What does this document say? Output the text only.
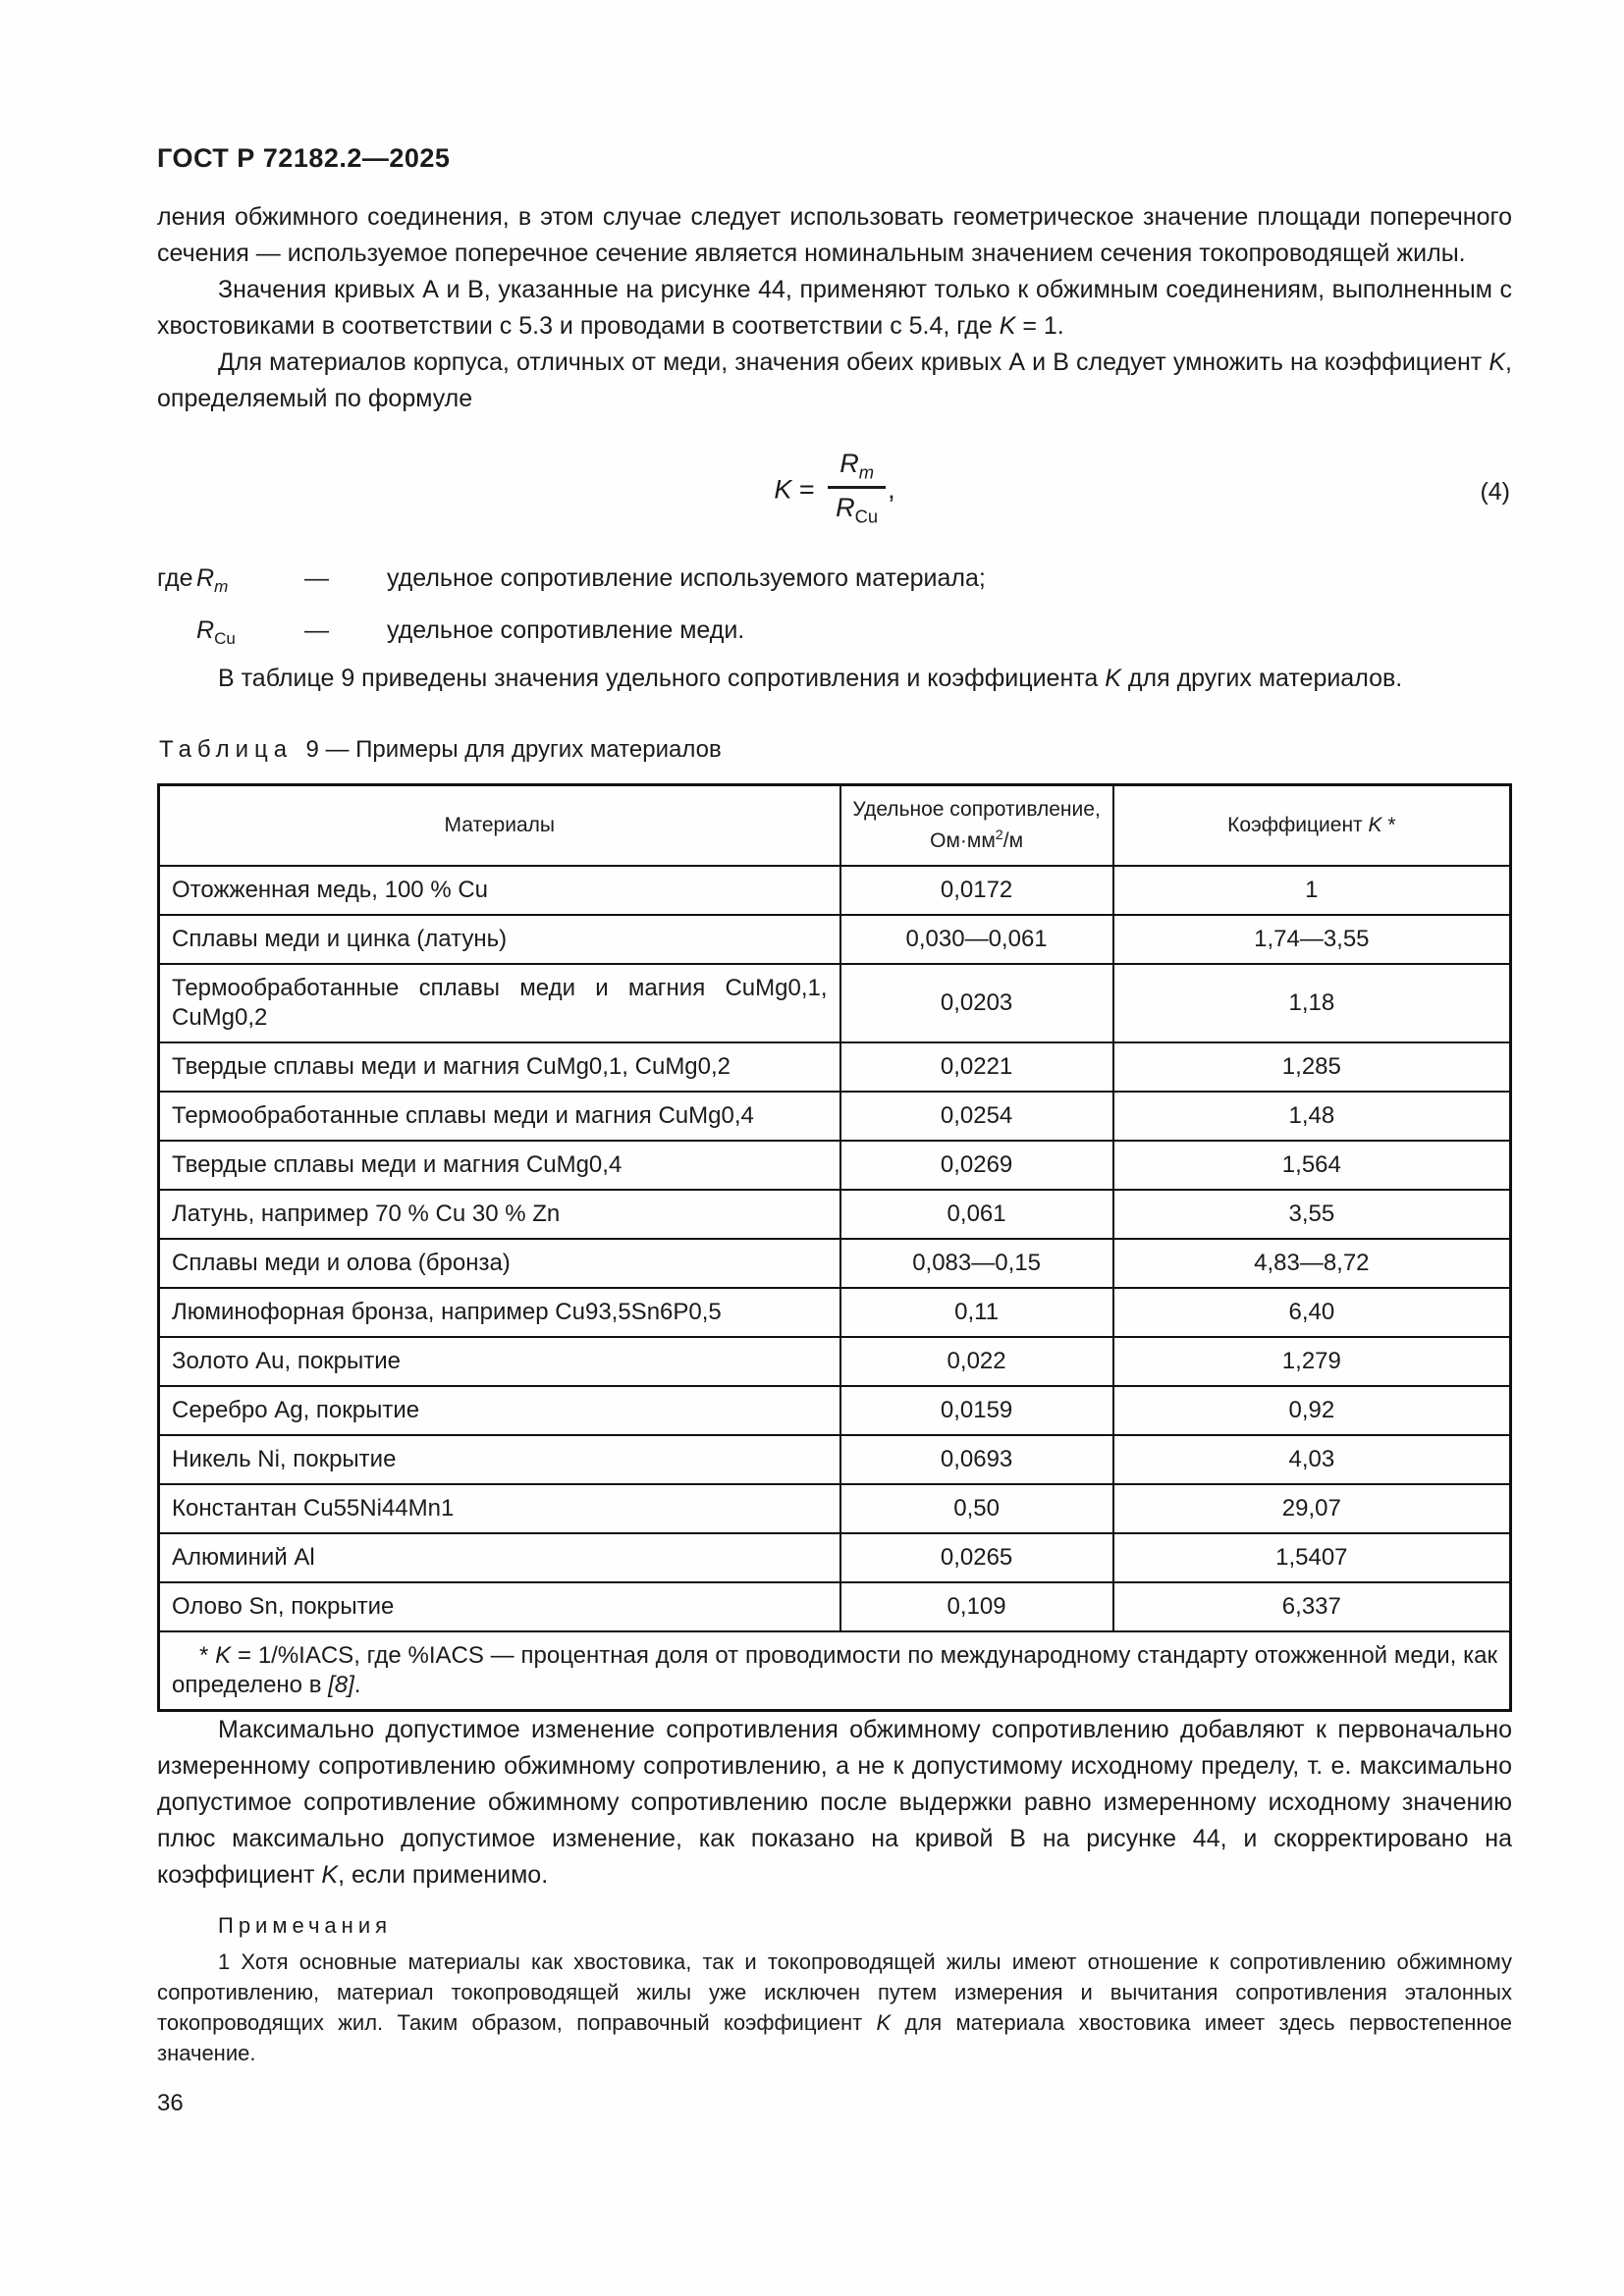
ГОСТ Р 72182.2—2025

ления обжимного соединения, в этом случае следует использовать геометрическое значение площади поперечного сечения — используемое поперечное сечение является номинальным значением сечения токопроводящей жилы.

Значения кривых А и В, указанные на рисунке 44, применяют только к обжимным соединениям, выполненным с хвостовиками в соответствии с 5.3 и проводами в соответствии с 5.4, где K = 1.

Для материалов корпуса, отличных от меди, значения обеих кривых А и В следует умножить на коэффициент K, определяемый по формуле

$K = \frac{R_m}{R_{Cu}}$ ,	(4)
где $R_m$	—	удельное сопротивление используемого материала;
$R_{Cu}$	—	удельное сопротивление меди.

В таблице 9 приведены значения удельного сопротивления и коэффициента K для других материалов.

Таблица 9 — Примеры для других материалов
Материалы	Удельное сопротивление, $Ом\cdot мм^2/м$	Коэффициент K *
Отожженная медь, 100 % Cu	0,0172	1
Сплавы меди и цинка (латунь)	0,030—0,061	1,74—3,55
Термообработанные сплавы меди и магния CuMg0,1, CuMg0,2	0,0203	1,18
Твердые сплавы меди и магния CuMg0,1, CuMg0,2	0,0221	1,285
Термообработанные сплавы меди и магния CuMg0,4	0,0254	1,48
Твердые сплавы меди и магния CuMg0,4	0,0269	1,564
Латунь, например 70 % Cu 30 % Zn	0,061	3,55
Сплавы меди и олова (бронза)	0,083—0,15	4,83—8,72
Люминофорная бронза, например Cu93,5Sn6P0,5	0,11	6,40
Золото Au, покрытие	0,022	1,279
Серебро Ag, покрытие	0,0159	0,92
Никель Ni, покрытие	0,0693	4,03
Константан Cu55Ni44Mn1	0,50	29,07
Алюминий Al	0,0265	1,5407
Олово Sn, покрытие	0,109	6,337

* K = 1/%IACS, где %IACS — процентная доля от проводимости по международному стандарту отожженной меди, как определено в [8].		

Максимально допустимое изменение сопротивления обжимному сопротивлению добавляют к первоначально измеренному сопротивлению обжимному сопротивлению, а не к допустимому исходному пределу, т. е. максимально допустимое сопротивление обжимному сопротивлению после выдержки равно измеренному исходному значению плюс максимально допустимое изменение, как показано на кривой В на рисунке 44, и скорректировано на коэффициент K, если применимо.

Примечания

1 Хотя основные материалы как хвостовика, так и токопроводящей жилы имеют отношение к сопротивлению обжимному сопротивлению, материал токопроводящей жилы уже исключен путем измерения и вычитания сопротивления эталонных токопроводящих жил. Таким образом, поправочный коэффициент K для материала хвостовика имеет здесь первостепенное значение.

36
